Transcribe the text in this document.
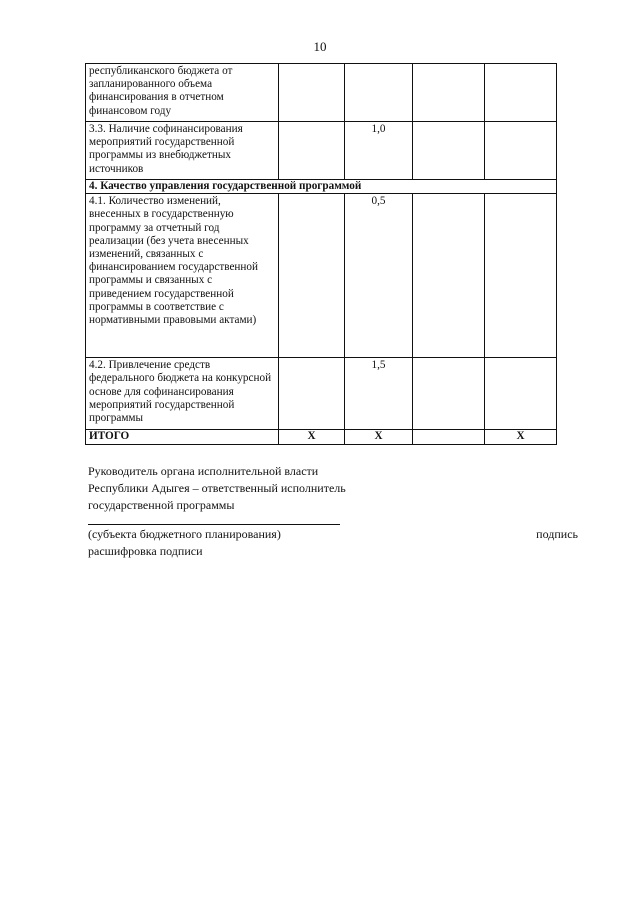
10
республиканского бюджета от запланированного объема финансирования в отчетном финансовом году				
3.3. Наличие софинансирования мероприятий государственной программы из внебюджетных источников		1,0		
4. Качество управления государственной программой				
4.1. Количество изменений, внесенных в государственную программу за отчетный год реализации (без учета внесенных изменений, связанных с финансированием государственной программы и связанных с приведением государственной программы в соответствие с нормативными правовыми актами)		0,5		
4.2. Привлечение средств федерального бюджета на конкурсной основе для софинансирования мероприятий государственной программы		1,5		
ИТОГО	Х	Х		Х
Руководитель органа исполнительной власти
Республики Адыгея – ответственный исполнитель
государственной программы
(субъекта бюджетного планирования)	подпись
расшифровка подписи
